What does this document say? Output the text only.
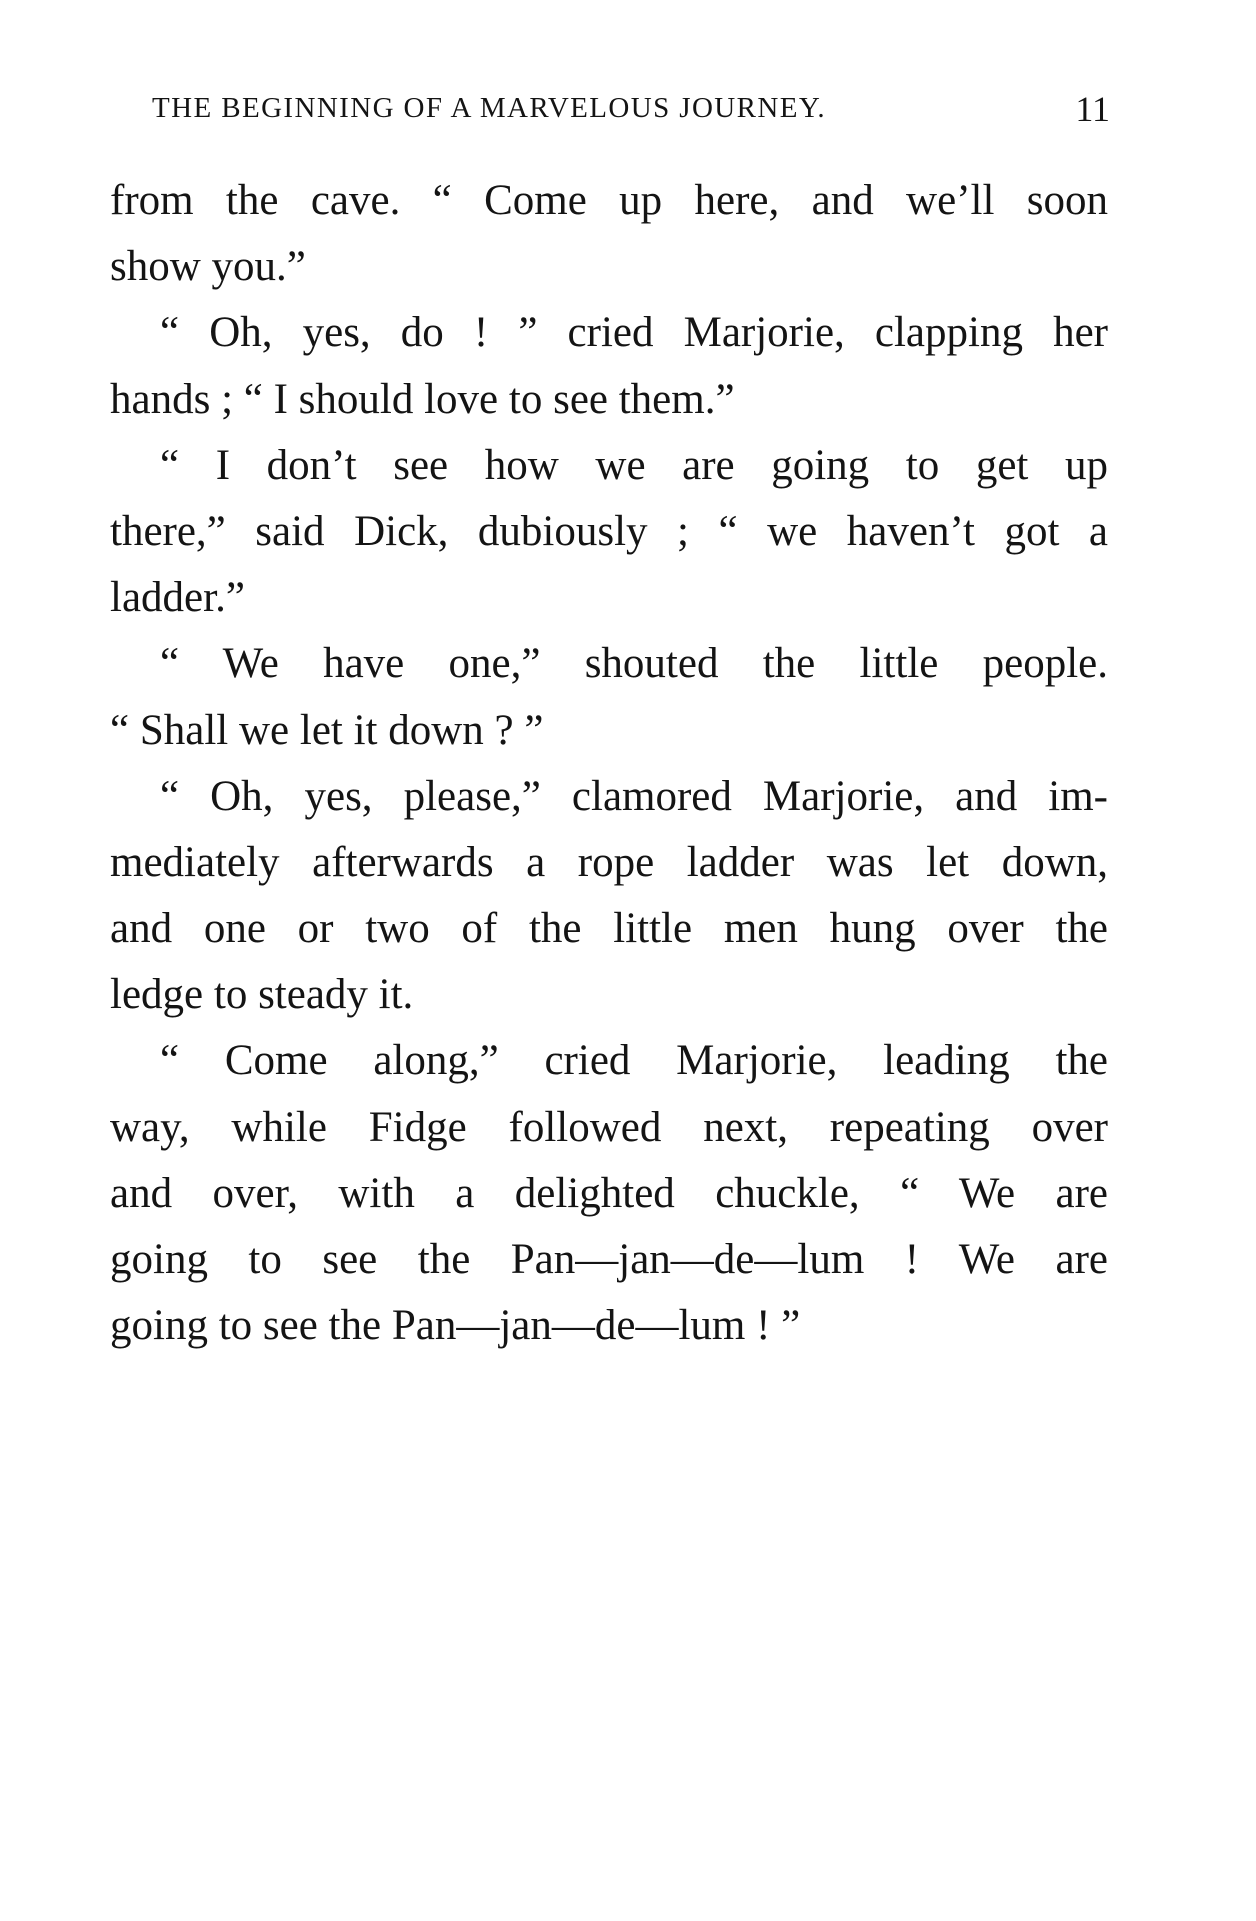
THE BEGINNING OF A MARVELOUS JOURNEY.	11
from the cave. “ Come up here, and we’ll soon
show you.”
“ Oh, yes, do ! ” cried Marjorie, clapping her
hands ; “ I should love to see them.”
“ I don’t see how we are going to get up
there,” said Dick, dubiously ; “ we haven’t got a
ladder.”
“ We have one,” shouted the little people.
“ Shall we let it down ? ”
“ Oh, yes, please,” clamored Marjorie, and im-
mediately afterwards a rope ladder was let down,
and one or two of the little men hung over the
ledge to steady it.
“ Come along,” cried Marjorie, leading the
way, while Fidge followed next, repeating over
and over, with a delighted chuckle, “ We are
going to see the Pan—jan—de—lum ! We are
going to see the Pan—jan—de—lum ! ”
